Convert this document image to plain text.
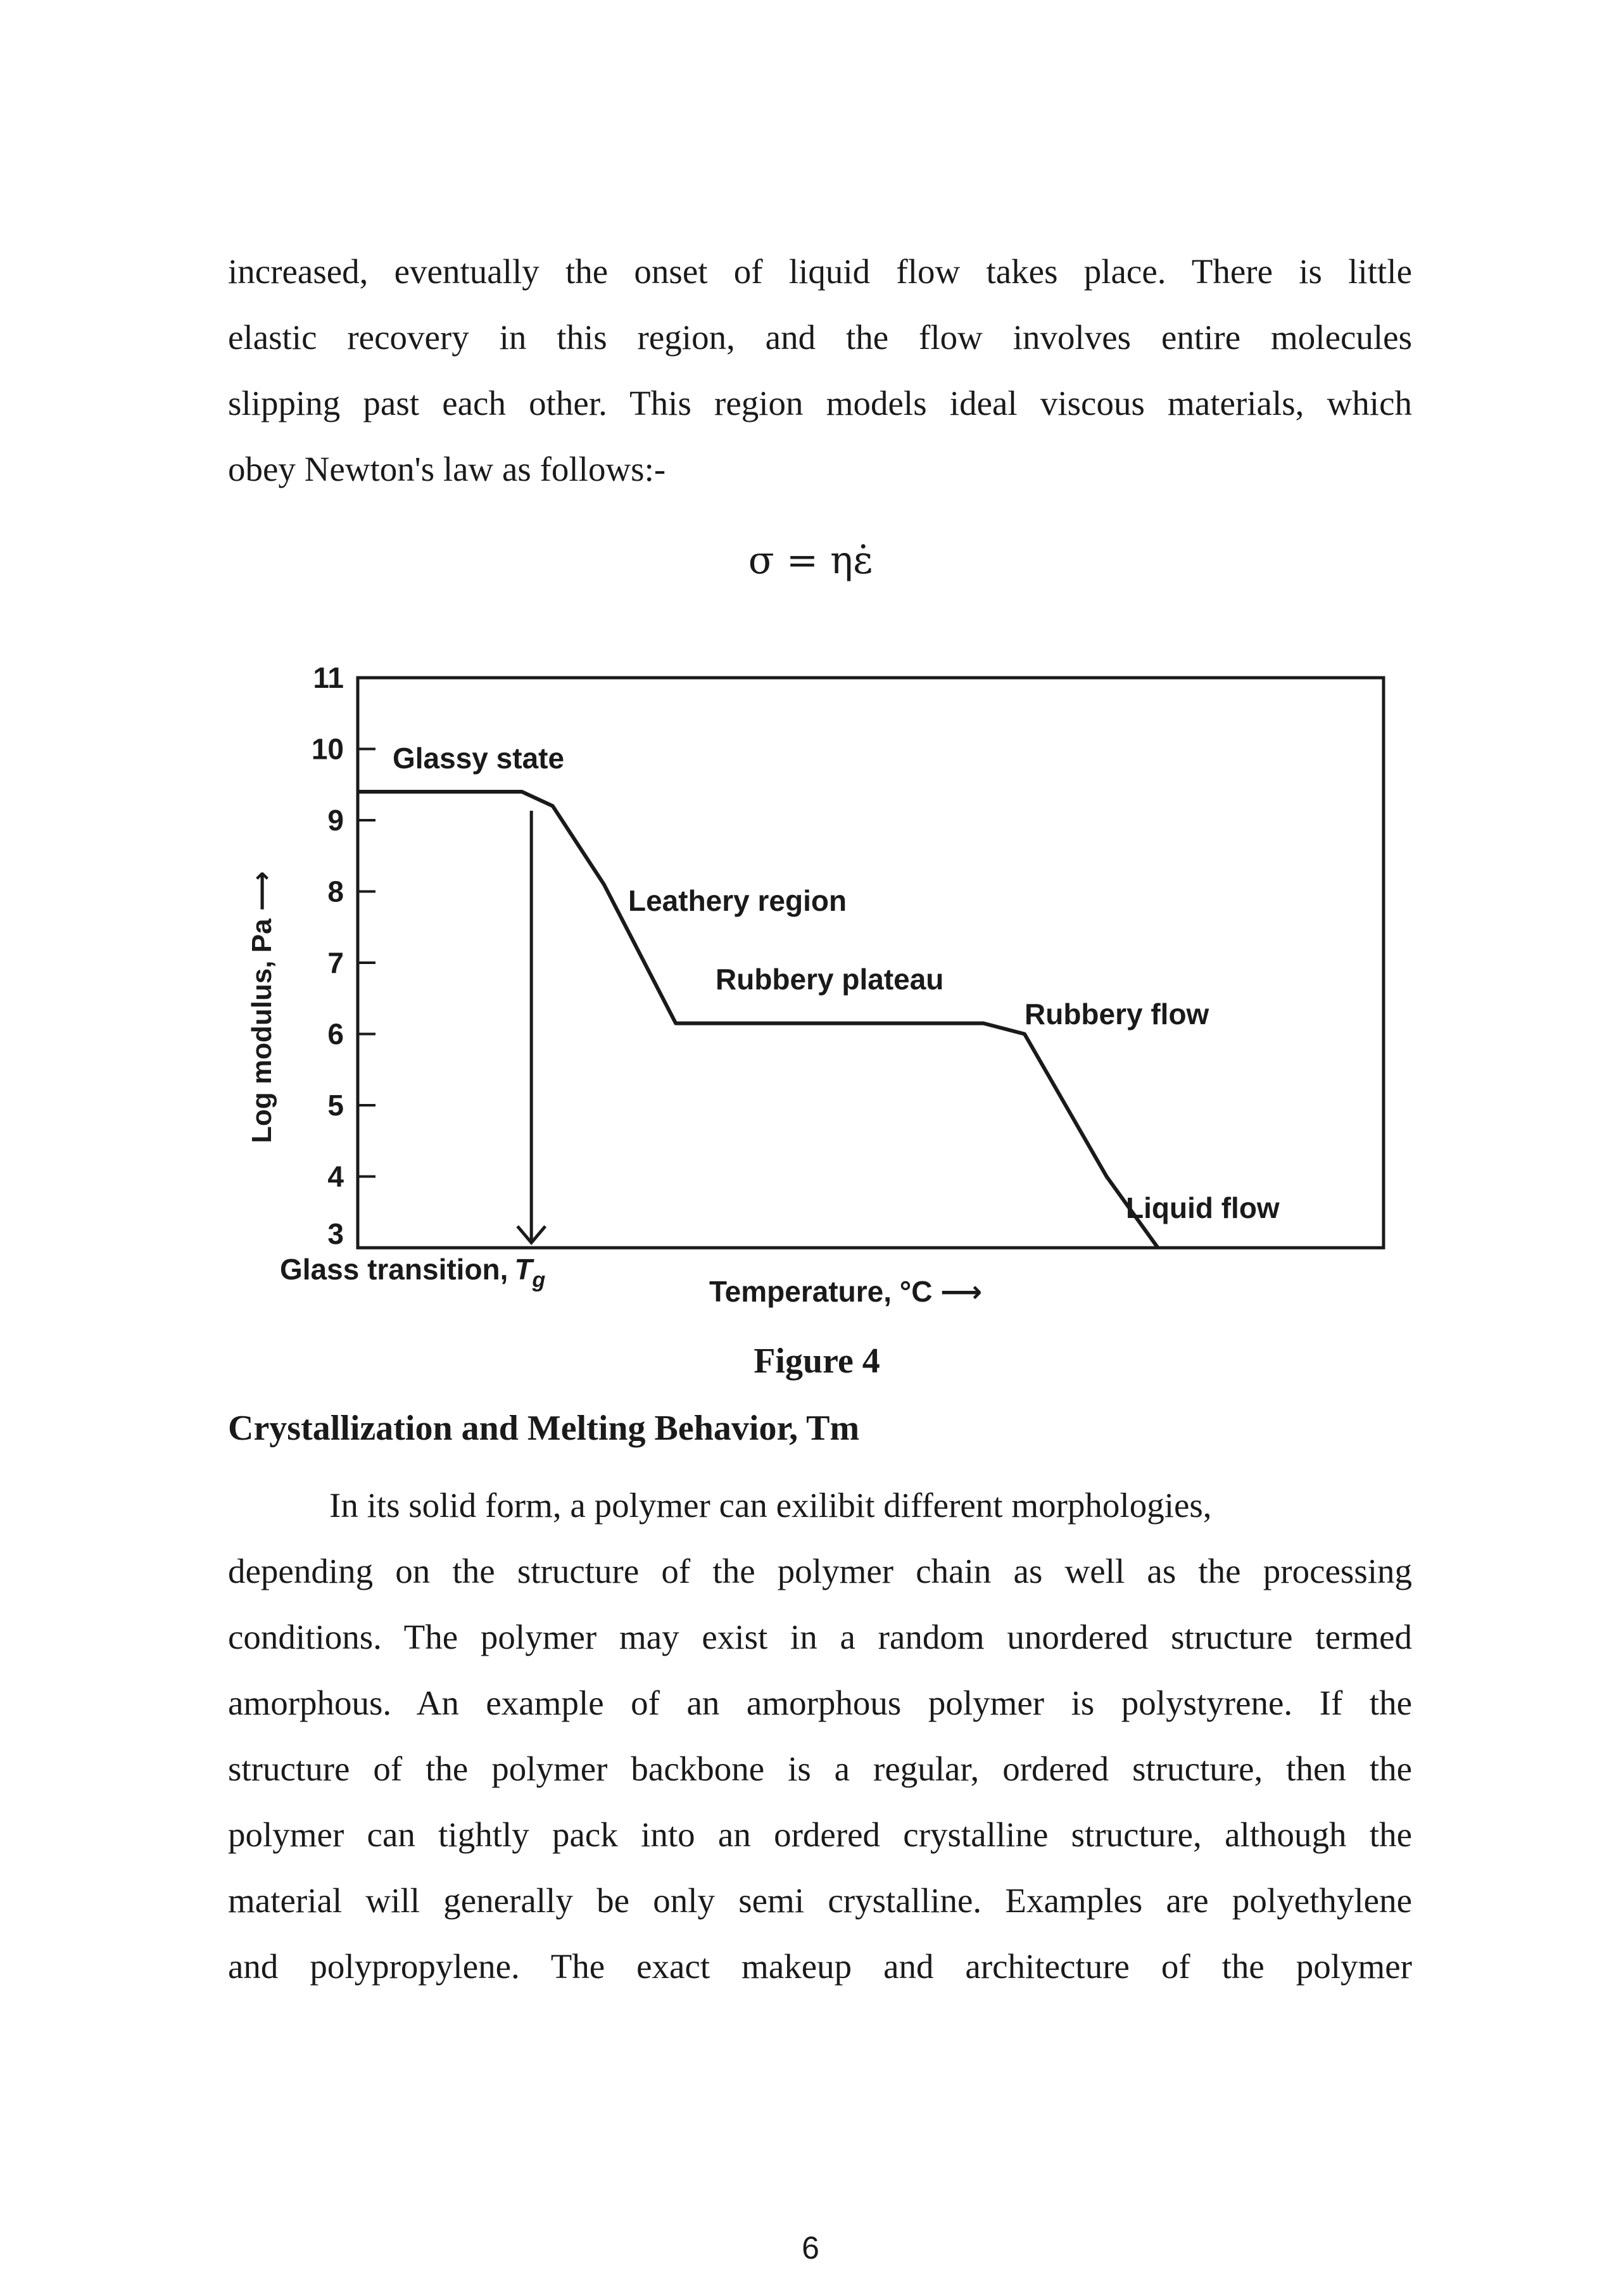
increased, eventually the onset of liquid flow takes place. There is little
elastic recovery in this region, and the flow involves entire molecules
slipping past each other. This region models ideal viscous materials, which
obey Newton's law as follows:-
σ = ηε̇
11
10
9
8
7
6
5
4
3
Log modulus, Pa ⟶
Glassy state
Leathery region
Rubbery plateau
Rubbery flow
Liquid flow
Glass transition, $T_g$	Temperature, °C ⟶
Figure 4
Crystallization and Melting Behavior, Tm
In its solid form, a polymer can exilibit different morphologies,
depending on the structure of the polymer chain as well as the processing
conditions. The polymer may exist in a random unordered structure termed
amorphous. An example of an amorphous polymer is polystyrene. If the
structure of the polymer backbone is a regular, ordered structure, then the
polymer can tightly pack into an ordered crystalline structure, although the
material will generally be only semi crystalline. Examples are polyethylene
and polypropylene. The exact makeup and architecture of the polymer
6
